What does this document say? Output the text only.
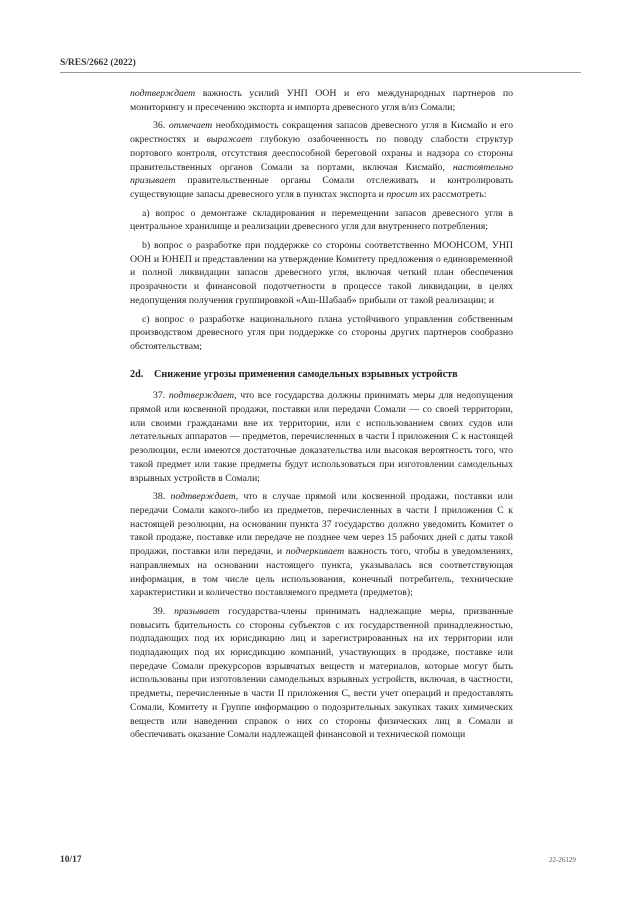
S/RES/2662 (2022)

подтверждает важность усилий УНП ООН и его международных партнеров по мониторингу и пресечению экспорта и импорта древесного угля в/из Сомали;

36. отмечает необходимость сокращения запасов древесного угля в Кисмайо и его окрестностях и выражает глубокую озабоченность по поводу слабости структур портового контроля, отсутствия дееспособной береговой охраны и надзора со стороны правительственных органов Сомали за портами, включая Кисмайо, настоятельно призывает правительственные органы Сомали отслеживать и контролировать существующие запасы древесного угля в пунктах экспорта и просит их рассмотреть:

a) вопрос о демонтаже складирования и перемещении запасов древесного угля в центральное хранилище и реализации древесного угля для внутреннего потребления;

b) вопрос о разработке при поддержке со стороны соответственно МООНСОМ, УНП ООН и ЮНЕП и представлении на утверждение Комитету предложения о единовременной и полной ликвидации запасов древесного угля, включая четкий план обеспечения прозрачности и финансовой подотчетности в процессе такой ликвидации, в целях недопущения получения группировкой «Аш-Шабааб» прибыли от такой реализации; и

c) вопрос о разработке национального плана устойчивого управления собственным производством древесного угля при поддержке со стороны других партнеров сообразно обстоятельствам;

2d. Снижение угрозы применения самодельных взрывных устройств

37. подтверждает, что все государства должны принимать меры для недопущения прямой или косвенной продажи, поставки или передачи Сомали — со своей территории, или своими гражданами вне их территории, или с использованием своих судов или летательных аппаратов — предметов, перечисленных в части I приложения C к настоящей резолюции, если имеются достаточные доказательства или высокая вероятность того, что такой предмет или такие предметы будут использоваться при изготовлении самодельных взрывных устройств в Сомали;

38. подтверждает, что в случае прямой или косвенной продажи, поставки или передачи Сомали какого-либо из предметов, перечисленных в части I приложения C к настоящей резолюции, на основании пункта 37 государство должно уведомить Комитет о такой продаже, поставке или передаче не позднее чем через 15 рабочих дней с даты такой продажи, поставки или передачи, и подчеркивает важность того, чтобы в уведомлениях, направляемых на основании настоящего пункта, указывалась вся соответствующая информация, в том числе цель использования, конечный потребитель, технические характеристики и количество поставляемого предмета (предметов);

39. призывает государства-члены принимать надлежащие меры, призванные повысить бдительность со стороны субъектов с их государственной принадлежностью, подпадающих под их юрисдикцию лиц и зарегистрированных на их территории или подпадающих под их юрисдикцию компаний, участвующих в продаже, поставке или передаче Сомали прекурсоров взрывчатых веществ и материалов, которые могут быть использованы при изготовлении самодельных взрывных устройств, включая, в частности, предметы, перечисленные в части II приложения C, вести учет операций и предоставлять Сомали, Комитету и Группе информацию о подозрительных закупках таких химических веществ или наведении справок о них со стороны физических лиц в Сомали и обеспечивать оказание Сомали надлежащей финансовой и технической помощи

10/17	22-26129
